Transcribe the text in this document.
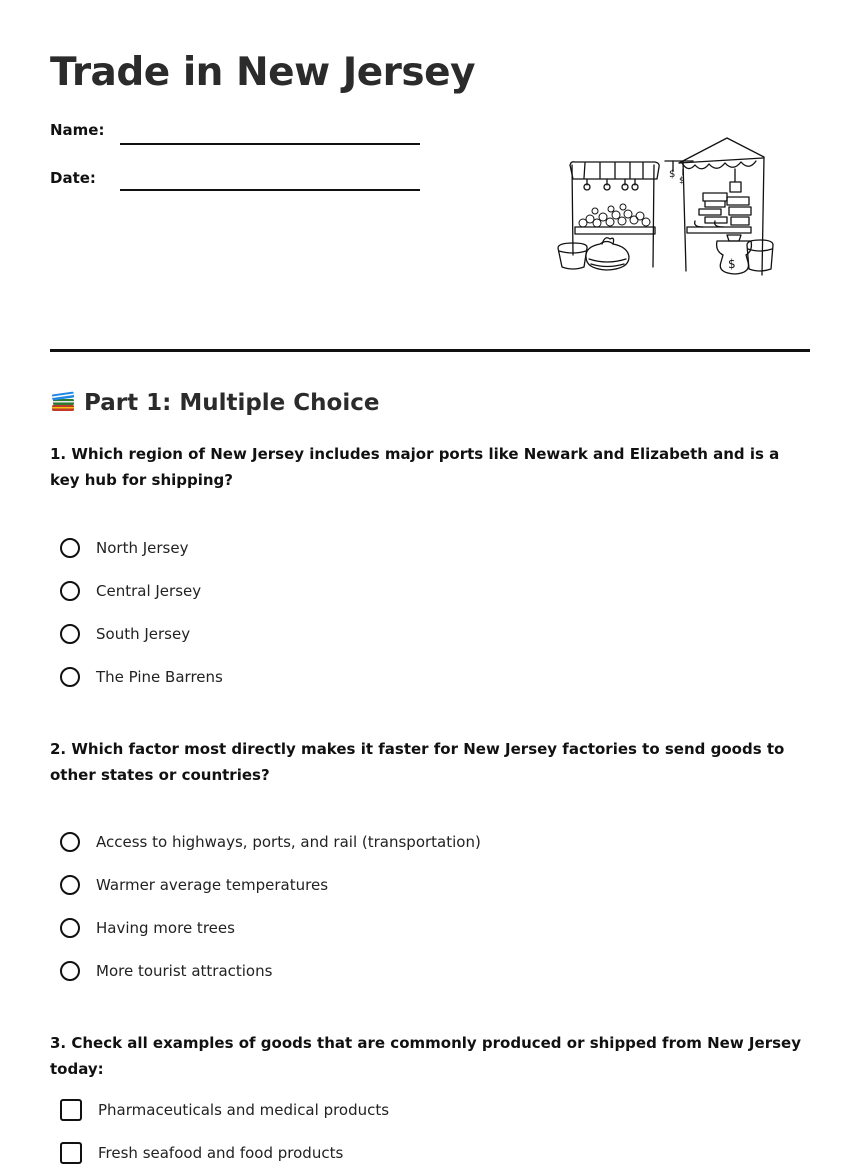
Trade in New Jersey
Name:
Date:	$
$
$
Part 1: Multiple Choice

1. Which region of New Jersey includes major ports like Newark and Elizabeth and is a key hub for shipping?

North Jersey
Central Jersey
South Jersey
The Pine Barrens

2. Which factor most directly makes it faster for New Jersey factories to send goods to other states or countries?

Access to highways, ports, and rail (transportation)
Warmer average temperatures
Having more trees
More tourist attractions

3. Check all examples of goods that are commonly produced or shipped from New Jersey today:

Pharmaceuticals and medical products
Fresh seafood and food products
